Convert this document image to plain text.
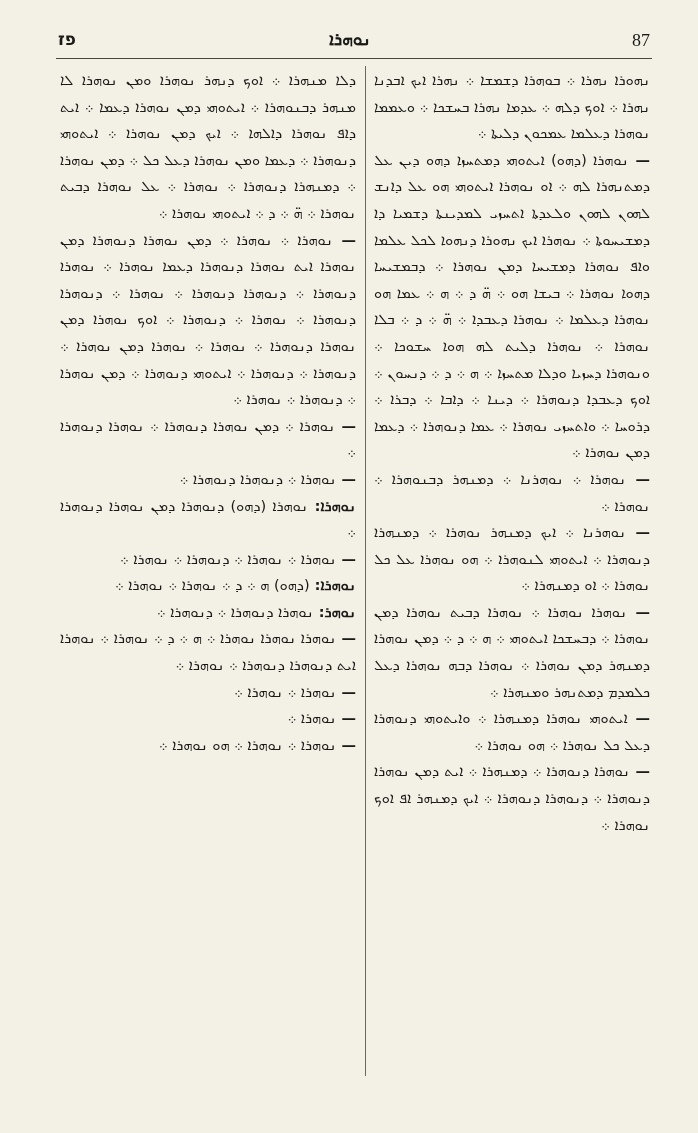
פז	ܢܘܗܪܐ	87

ܢܗܘܪܐ ܢܗܪܐ ܀ ܒܘܗܪܐ ܕܫܡܫܐ ܀ ܢܗܪܐ ܐܝܟ ܐܒܕܢܐ ܢܗܪܐ ܀ ܐܘܟ ܕܠܗ ܀ ܥܕܡܐ ܢܗܪܐ ܒܚܫܟܐ ܀ ܘܥܡܡܐ ܢܘܗܪܐ ܕܥܠܡܐ ܥܡܟܘܢ ܕܠܝܬܐ ܀

— ܢܘܗܪܐ (ܕܗܘ) ܐܝܬܘܗܝ ܕܡܬܚܙܐ ܕܗܘ ܕܝܢ ܥܠ ܕܡܬܢܗܪܐ ܠܗ ܀ ܐܘ ܢܘܗܪܐ ܐܝܬܘܗܝ ܗܘ ܥܠ ܕܐܢܫ ܠܗܘܢ ܠܗܘܢ ܘܠܥܕܬܐ ܐܬܚܙܝ ܠܡܕܝܢܬܐ ܕܫܡܝܐ ܕܐ ܕܡܫܝܚܘܬܐ ܀ ܢܘܗܪܐ ܐܝܟ ܢܗܘܪܐ ܕܢܗܘܐ ܠܟܠ ܥܠܡܐ ܘܐܦ ܢܘܗܪܐ ܕܡܫܝܚܐ ܕܡܢ ܢܘܗܪܐ ܀ ܕܒܡܫܝܚܐ ܕܗܘܐ ܢܘܗܪܐ ܀ ܒܝܫܐ ܗܘ ܀ ܗ̈ ܕ ܀ ܗ ܀ ܥܡܐ ܗܘ ܢܘܗܪܐ ܕܥܠܡܐ ܀ ܢܘܗܪܐ ܕܥܒܕܐ ܀ ܗ̈ ܀ ܕ ܀ ܒܠܐ ܢܘܗܪܐ ܀ ܢܘܗܪܐ ܕܠܝܬ ܠܗ ܗܘܐ ܚܫܘܟܐ ܀ ܘܢܘܗܪܐ ܕܚܙܝܐ ܘܕܠܐ ܡܬܚܙܐ ܀ ܗ ܀ ܕ ܀ ܕܢܚܘܢ ܀ ܐܘܟ ܕܥܒܕܐ ܕܢܘܗܪܐ ܀ ܕܝܢܐ ܀ ܕܐܒܐ ܀ ܕܒܪܐ ܀ ܕܪܘܚܐ ܀ ܘܐܬܚܙܝ ܢܘܗܪܐ ܀ ܥܡܐ ܕܢܘܗܪܐ ܀ ܕܥܡܐ ܕܡܢ ܢܘܗܪܐ ܀

— ܢܘܗܪܐ ܀ ܢܘܗܪܢܐ ܀ ܕܡܢܗܪ ܕܒܢܘܗܪܐ ܀ ܢܘܗܪܐ ܀

— ܢܘܗܪܢܐ ܀ ܐܝܟ ܕܡܢܗܪ ܢܘܗܪܐ ܀ ܕܡܢܗܪܐ ܕܢܘܗܪܐ ܀ ܐܝܬܘܗܝ ܠܢܘܗܪܐ ܀ ܗܘ ܢܘܗܪܐ ܥܠ ܟܠ ܢܘܗܪܐ ܀ ܐܘ ܕܡܢܗܪܐ ܀

— ܢܘܗܪܐ ܢܘܗܪܐ ܀ ܢܘܗܪܐ ܕܒܝܬ ܢܘܗܪܐ ܕܡܢ ܢܘܗܪܐ ܀ ܕܒܚܫܟܐ ܐܝܬܘܗܝ ܀ ܗ ܀ ܕ ܀ ܕܡܢ ܢܘܗܪܐ ܕܡܢܗܪ ܕܡܢ ܢܘܗܪܐ ܀ ܢܘܗܪܐ ܕܒܗ ܢܘܗܪܐ ܕܥܠ ܟܠܡܕܡ ܕܡܬܢܗܪ ܘܡܢܗܪܐ ܀

— ܐܝܬܘܗܝ ܢܘܗܪܐ ܕܡܢܗܪܐ ܀ ܘܐܝܬܘܗܝ ܕܢܘܗܪܐ ܕܥܠ ܟܠ ܢܘܗܪܐ ܀ ܗܘ ܢܘܗܪܐ ܀

— ܢܘܗܪܐ ܕܢܘܗܪܐ ܀ ܕܡܢܗܪܐ ܀ ܐܝܬ ܕܡܢ ܢܘܗܪܐ ܕܢܘܗܪܐ ܀ ܕܢܘܗܪܐ ܕܢܘܗܪܐ ܀ ܐܝܟ ܕܡܢܗܪ ܐܦ ܐܘܟ ܢܘܗܪܐ ܀

ܕܠܐ ܡܢܗܪܐ ܀ ܐܘܟ ܕܢܗܪ ܢܘܗܪܐ ܘܡܢ ܢܘܗܪܐ ܠܐ ܡܢܗܪ ܕܒܢܘܗܪܐ ܀ ܐܝܬܘܗܝ ܕܡܢ ܢܘܗܪܐ ܕܥܡܐ ܀ ܐܝܬ ܕܐܦ ܢܘܗܪܐ ܕܐܠܗܐ ܀ ܐܝܟ ܕܡܢ ܢܘܗܪܐ ܀ ܐܝܬܘܗܝ ܕܢܘܗܪܐ ܀ ܕܥܡܐ ܘܡܢ ܢܘܗܪܐ ܕܥܠ ܟܠ ܀ ܕܡܢ ܢܘܗܪܐ ܀ ܕܡܢܗܪܐ ܕܢܘܗܪܐ ܀ ܢܘܗܪܐ ܀ ܥܠ ܢܘܗܪܐ ܕܒܝܬ ܢܘܗܪܐ ܀ ܗ̈ ܀ ܕ ܀ ܐܝܬܘܗܝ ܢܘܗܪܐ ܀

— ܢܘܗܪܐ ܀ ܢܘܗܪܐ ܀ ܕܡܢ ܢܘܗܪܐ ܕܢܘܗܪܐ ܕܡܢ ܢܘܗܪܐ ܐܝܬ ܢܘܗܪܐ ܕܢܘܗܪܐ ܕܥܡܐ ܢܘܗܪܐ ܀ ܢܘܗܪܐ ܕܢܘܗܪܐ ܀ ܕܢܘܗܪܐ ܕܢܘܗܪܐ ܀ ܢܘܗܪܐ ܀ ܕܢܘܗܪܐ ܕܢܘܗܪܐ ܀ ܢܘܗܪܐ ܀ ܕܢܘܗܪܐ ܀ ܐܘܟ ܢܘܗܪܐ ܕܡܢ ܢܘܗܪܐ ܕܢܘܗܪܐ ܀ ܢܘܗܪܐ ܀ ܢܘܗܪܐ ܕܡܢ ܢܘܗܪܐ ܀ ܕܢܘܗܪܐ ܀ ܕܢܘܗܪܐ ܀ ܐܝܬܘܗܝ ܕܢܘܗܪܐ ܀ ܕܡܢ ܢܘܗܪܐ ܀ ܕܢܘܗܪܐ ܀ ܢܘܗܪܐ ܀

— ܢܘܗܪܐ ܀ ܕܡܢ ܢܘܗܪܐ ܕܢܘܗܪܐ ܀ ܢܘܗܪܐ ܕܢܘܗܪܐ ܀

— ܢܘܗܪܐ ܀ ܕܢܘܗܪܐ ܕܢܘܗܪܐ ܀

ܢܘܗܪܐ: ܢܘܗܪܐ (ܕܗܘ) ܕܢܘܗܪܐ ܕܡܢ ܢܘܗܪܐ ܕܢܘܗܪܐ ܀

— ܢܘܗܪܐ ܀ ܢܘܗܪܐ ܀ ܕܢܘܗܪܐ ܀ ܢܘܗܪܐ ܀

ܢܘܗܪܐ: (ܕܗܘ) ܗ ܀ ܕ ܀ ܢܘܗܪܐ ܀ ܢܘܗܪܐ ܀

ܢܘܗܪ: ܢܘܗܪܐ ܕܢܘܗܪܐ ܀ ܕܢܘܗܪܐ ܀

— ܢܘܗܪܐ ܢܘܗܪܐ ܢܘܗܪܐ ܀ ܗ ܀ ܕ ܀ ܢܘܗܪܐ ܀ ܢܘܗܪܐ ܐܝܬ ܕܢܘܗܪܐ ܕܢܘܗܪܐ ܀ ܢܘܗܪܐ ܀

— ܢܘܗܪܐ ܀ ܢܘܗܪܐ ܀

— ܢܘܗܪܐ ܀

— ܢܘܗܪܐ ܀ ܢܘܗܪܐ ܀ ܗܘ ܢܘܗܪܐ ܀
